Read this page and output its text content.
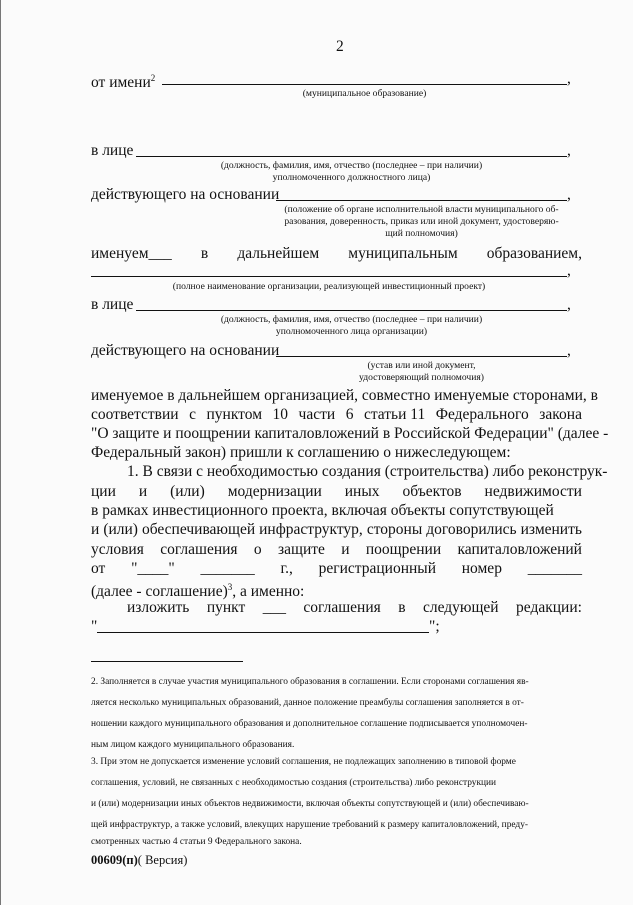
2
от имени$^2$	,
(муниципальное образование)
в лице	,
(должность, фамилия, имя, отчество (последнее – при наличии)
уполномоченного должностного лица)
действующего на основании	,
(положение об органе исполнительной власти муниципального об-
разования, доверенность, приказ или иной документ, удостоверяю-
щий полномочия)
именуем___ в дальнейшем муниципальным образованием,
,
(полное наименование организации, реализующей инвестиционный проект)
в лице	,
(должность, фамилия, имя, отчество (последнее – при наличии)
уполномоченного лица организации)
действующего на основании	,
(устав или иной документ,
удостоверяющий полномочия)
именуемое в дальнейшем организацией, совместно именуемые сторонами, в
соответствии с пунктом 10 части 6 статьи 11 Федерального закона
"О защите и поощрении капиталовложений в Российской Федерации" (далее -
Федеральный закон) пришли к соглашению о нижеследующем:
1. В связи с необходимостью создания (строительства) либо реконструк-
ции и (или) модернизации иных объектов недвижимости
в рамках инвестиционного проекта, включая объекты сопутствующей
и (или) обеспечивающей инфраструктур, стороны договорились изменить
условия соглашения о защите и поощрении капиталовложений
от "____" _______ г., регистрационный номер _______
(далее - соглашение)$^3$, а именно:
изложить пункт ___ соглашения в следующей редакции:
"	";
2. Заполняется в случае участия муниципального образования в соглашении. Если сторонами соглашения яв-
ляется несколько муниципальных образований, данное положение преамбулы соглашения заполняется в от-
ношении каждого муниципального образования и дополнительное соглашение подписывается уполномочен-
ным лицом каждого муниципального образования.
3. При этом не допускается изменение условий соглашения, не подлежащих заполнению в типовой форме
соглашения, условий, не связанных с необходимостью создания (строительства) либо реконструкции
и (или) модернизации иных объектов недвижимости, включая объекты сопутствующей и (или) обеспечиваю-
щей инфраструктур, а также условий, влекущих нарушение требований к размеру капиталовложений, преду-
смотренных частью 4 статьи 9 Федерального закона.
00609(п)( Версия)
